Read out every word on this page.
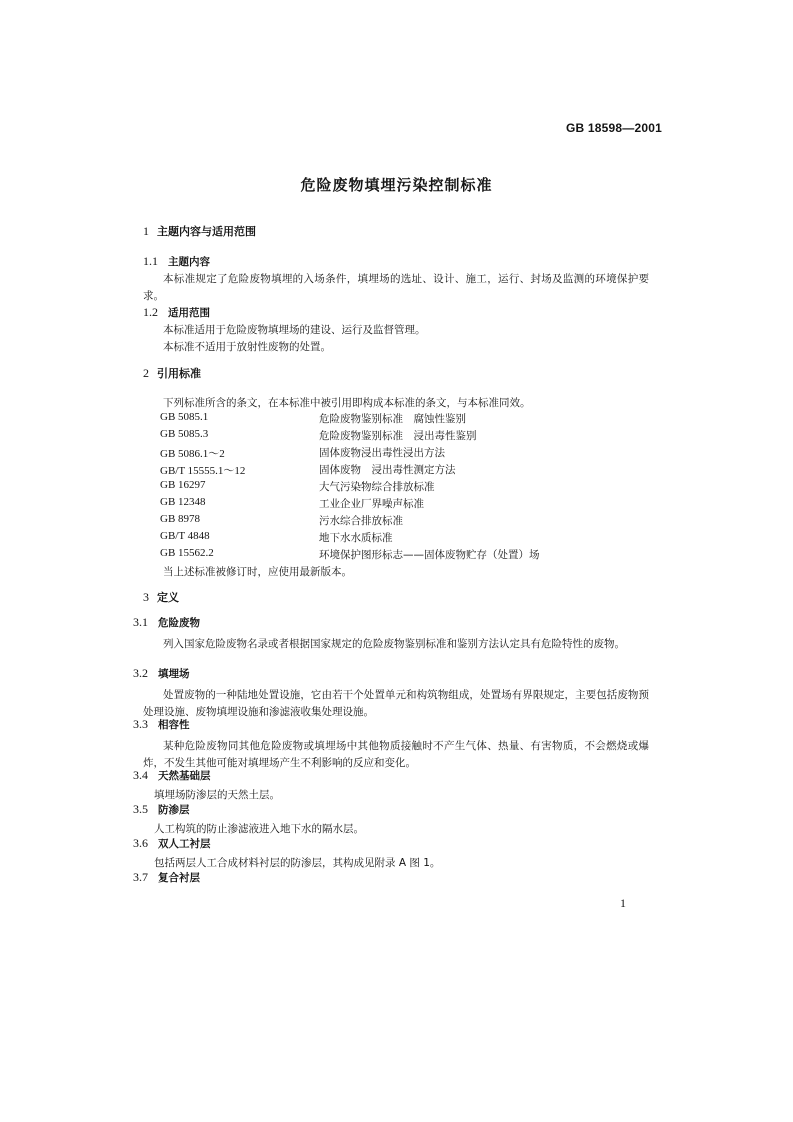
GB 18598—2001
危险废物填埋污染控制标准
1 主题内容与适用范围
1.1 主题内容
本标准规定了危险废物填埋的入场条件，填埋场的选址、设计、施工，运行、封场及监测的环境保护要求。
1.2 适用范围
本标准适用于危险废物填埋场的建设、运行及监督管理。
本标准不适用于放射性废物的处置。
2 引用标准
下列标准所含的条文，在本标准中被引用即构成本标准的条文，与本标准同效。
GB 5085.1	危险废物鉴别标准　腐蚀性鉴别
GB 5085.3	危险废物鉴别标准　浸出毒性鉴别
GB 5086.1～2	固体废物浸出毒性浸出方法
GB/T 15555.1～12	固体废物　浸出毒性测定方法
GB 16297	大气污染物综合排放标准
GB 12348	工业企业厂界噪声标准
GB 8978	污水综合排放标准
GB/T 4848	地下水水质标准
GB 15562.2	环境保护图形标志——固体废物贮存（处置）场
当上述标准被修订时，应使用最新版本。
3 定义
3.1 危险废物
列入国家危险废物名录或者根据国家规定的危险废物鉴别标准和鉴别方法认定具有危险特性的废物。
3.2 填埋场
处置废物的一种陆地处置设施，它由若干个处置单元和构筑物组成，处置场有界限规定，主要包括废物预处理设施、废物填埋设施和渗滤液收集处理设施。
3.3 相容性
某种危险废物同其他危险废物或填埋场中其他物质接触时不产生气体、热量、有害物质，不会燃烧或爆炸，不发生其他可能对填埋场产生不利影响的反应和变化。
3.4 天然基础层
填埋场防渗层的天然土层。
3.5 防渗层
人工构筑的防止渗滤液进入地下水的隔水层。
3.6 双人工衬层
包括两层人工合成材料衬层的防渗层，其构成见附录 A 图 1。
3.7 复合衬层
1
